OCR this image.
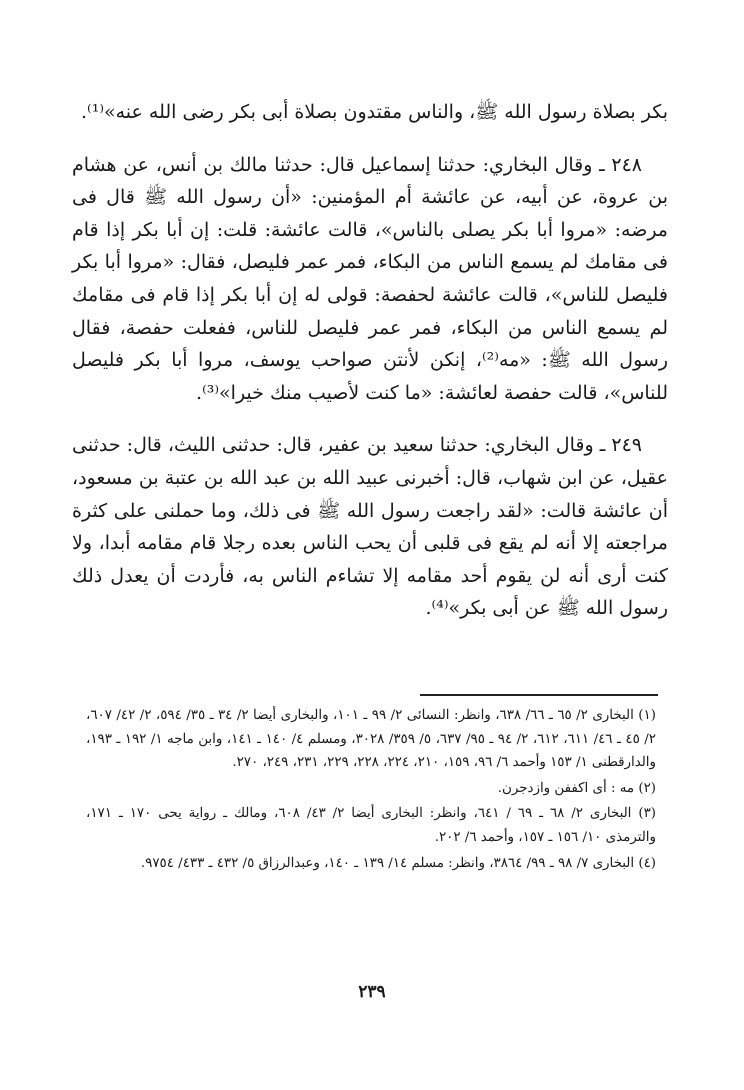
بكر بصلاة رسول الله ﷺ، والناس مقتدون بصلاة أبى بكر رضى الله عنه»⁽¹⁾.

٢٤٨ ـ وقال البخاري: حدثنا إسماعيل قال: حدثنا مالك بن أنس، عن هشام بن عروة، عن أبيه، عن عائشة أم المؤمنين: «أن رسول الله ﷺ قال فى مرضه: «مروا أبا بكر يصلى بالناس»، قالت عائشة: قلت: إن أبا بكر إذا قام فى مقامك لم يسمع الناس من البكاء، فمر عمر فليصل، فقال: «مروا أبا بكر فليصل للناس»، قالت عائشة لحفصة: قولى له إن أبا بكر إذا قام فى مقامك لم يسمع الناس من البكاء، فمر عمر فليصل للناس، ففعلت حفصة، فقال رسول الله ﷺ: «مه⁽²⁾، إنكن لأنتن صواحب يوسف، مروا أبا بكر فليصل للناس»، قالت حفصة لعائشة: «ما كنت لأصيب منك خيرا»⁽³⁾.

٢٤٩ ـ وقال البخاري: حدثنا سعيد بن عفير، قال: حدثنى الليث، قال: حدثنى عقيل، عن ابن شهاب، قال: أخبرنى عبيد الله بن عبد الله بن عتبة بن مسعود، أن عائشة قالت: «لقد راجعت رسول الله ﷺ فى ذلك، وما حملنى على كثرة مراجعته إلا أنه لم يقع فى قلبى أن يحب الناس بعده رجلا قام مقامه أبدا، ولا كنت أرى أنه لن يقوم أحد مقامه إلا تشاءم الناس به، فأردت أن يعدل ذلك رسول الله ﷺ عن أبى بكر»⁽⁴⁾.

(١) البخارى ٢/ ٦٥ ـ ٦٦/ ٦٣٨، وانظر: النسائى ٢/ ٩٩ ـ ١٠١، والبخارى أيضا ٢/ ٣٤ ـ ٣٥/ ٥٩٤، ٢/ ٤٢/ ٦٠٧، ٢/ ٤٥ ـ ٤٦/ ٦١١، ٦١٢، ٢/ ٩٤ ـ ٩٥/ ٦٣٧، ٥/ ٣٥٩/ ٣٠٢٨، ومسلم ٤/ ١٤٠ ـ ١٤١، وابن ماجه ١/ ١٩٢ ـ ١٩٣، والدارقطنى ١/ ١٥٣ وأحمد ٦/ ٩٦، ١٥٩، ٢١٠، ٢٢٤، ٢٢٨، ٢٢٩، ٢٣١، ٢٤٩، ٢٧٠.

(٢) مه : أى اكففن وازدجرن.

(٣) البخارى ٢/ ٦٨ ـ ٦٩ / ٦٤١، وانظر: البخارى أيضا ٢/ ٤٣/ ٦٠٨، ومالك ـ رواية يحى ١٧٠ ـ ١٧١، والترمذى ١٠/ ١٥٦ ـ ١٥٧، وأحمد ٦/ ٢٠٢.

(٤) البخارى ٧/ ٩٨ ـ ٩٩/ ٣٨٦٤، وانظر: مسلم ١٤/ ١٣٩ ـ ١٤٠، وعبدالرزاق ٥/ ٤٣٢ ـ ٤٣٣/ ٩٧٥٤.

٢٣٩
